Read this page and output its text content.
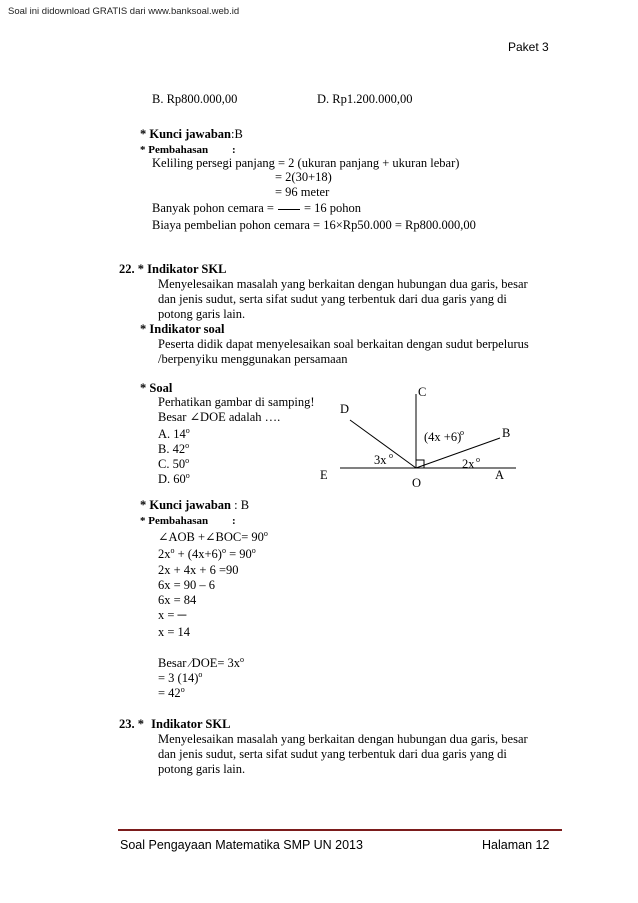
Soal ini didownload GRATIS dari www.banksoal.web.id
Paket 3
B. Rp800.000,00	D. Rp1.200.000,00
* Kunci jawaban:B
* Pembahasan :
Keliling persegi panjang = 2 (ukuran panjang + ukuran lebar)
= 2(30+18)
= 96 meter
Banyak pohon cemara = = 16 pohon
Biaya pembelian pohon cemara = 16×Rp50.000 = Rp800.000,00
22. * Indikator SKL
Menyelesaikan masalah yang berkaitan dengan hubungan dua garis, besar
dan jenis sudut, serta sifat sudut yang terbentuk dari dua garis yang di
potong garis lain.
* Indikator soal
Peserta didik dapat menyelesaikan soal berkaitan dengan sudut berpelurus
/berpenyiku menggunakan persamaan
* Soal
Perhatikan gambar di samping!
Besar ∠DOE adalah ….
A. 14$^o$
B. 42$^o$
C. 50$^o$
D. 60$^o$
C
D
B
E	A
O
(4x +6)
o
3x o
2x o
* Kunci jawaban : B
* Pembahasan :
∠AOB +∠BOC= $90^o$
$2x^o + (4x+6)^o = 90^o$
2x + 4x + 6 =90
6x = 90 – 6
6x = 84
x = ─
x = 14
Besar ∕DOE= $3x^o$
= 3 $(14)^o$
= $42^o$
23. * Indikator SKL
Menyelesaikan masalah yang berkaitan dengan hubungan dua garis, besar
dan jenis sudut, serta sifat sudut yang terbentuk dari dua garis yang di
potong garis lain.
Soal Pengayaan Matematika SMP UN 2013	Halaman 12
